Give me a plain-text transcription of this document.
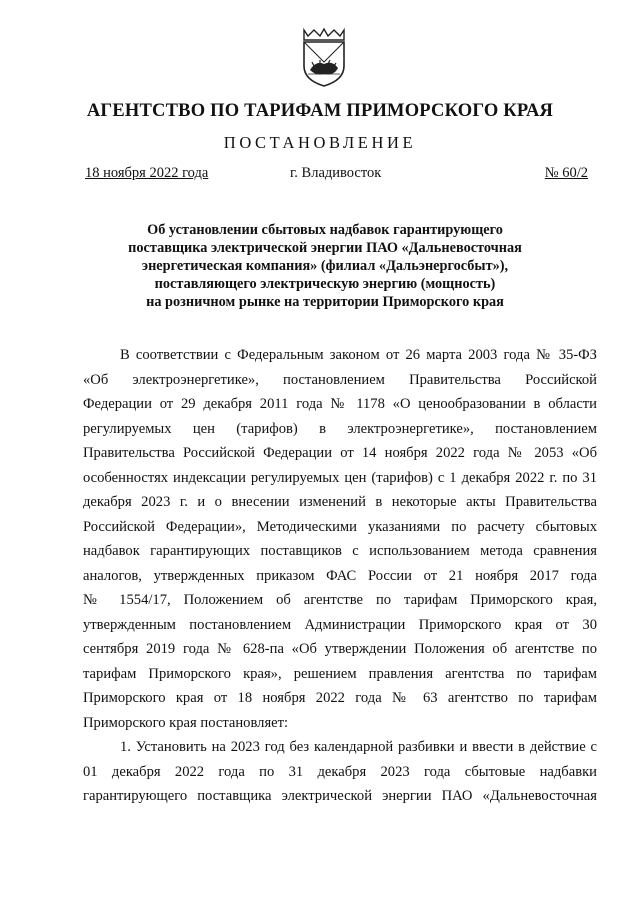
АГЕНТСТВО ПО ТАРИФАМ ПРИМОРСКОГО КРАЯ
ПОСТАНОВЛЕНИЕ
18 ноября 2022 года	г. Владивосток	№ 60/2
Об установлении сбытовых надбавок гарантирующего
поставщика электрической энергии ПАО «Дальневосточная
энергетическая компания» (филиал «Дальэнергосбыт»),
поставляющего электрическую энергию (мощность)
на розничном рынке на территории Приморского края
В соответствии с Федеральным законом от 26 марта 2003 года № 35-ФЗ
«Об электроэнергетике», постановлением Правительства Российской
Федерации от 29 декабря 2011 года № 1178 «О ценообразовании в области
регулируемых цен (тарифов) в электроэнергетике», постановлением
Правительства Российской Федерации от 14 ноября 2022 года № 2053 «Об
особенностях индексации регулируемых цен (тарифов) с 1 декабря 2022 г. по 31
декабря 2023 г. и о внесении изменений в некоторые акты Правительства
Российской Федерации», Методическими указаниями по расчету сбытовых
надбавок гарантирующих поставщиков с использованием метода сравнения
аналогов, утвержденных приказом ФАС России от 21 ноября 2017 года
№ 1554/17, Положением об агентстве по тарифам Приморского края,
утвержденным постановлением Администрации Приморского края от 30
сентября 2019 года № 628-па «Об утверждении Положения об агентстве по
тарифам Приморского края», решением правления агентства по тарифам
Приморского края от 18 ноября 2022 года № 63 агентство по тарифам
Приморского края постановляет:
1. Установить на 2023 год без календарной разбивки и ввести в действие с
01 декабря 2022 года по 31 декабря 2023 года сбытовые надбавки
гарантирующего поставщика электрической энергии ПАО «Дальневосточная
